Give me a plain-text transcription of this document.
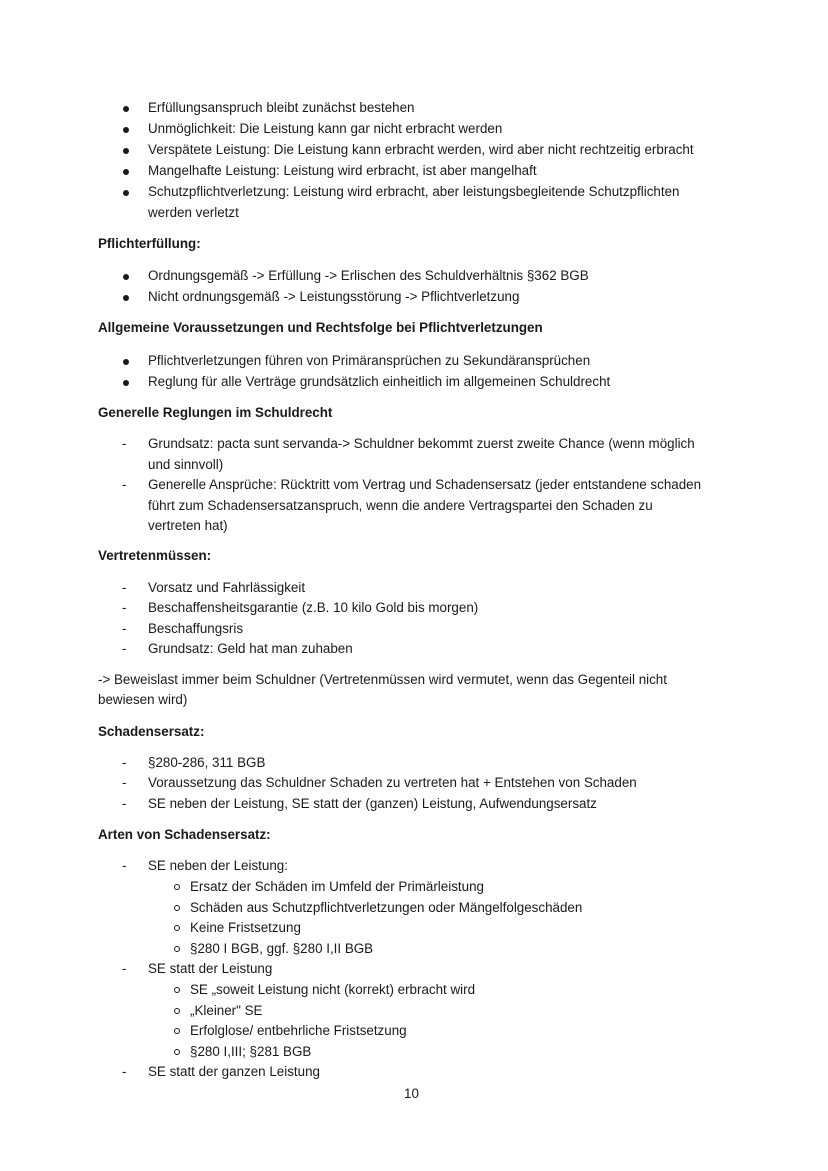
Erfüllungsanspruch bleibt zunächst bestehen
Unmöglichkeit: Die Leistung kann gar nicht erbracht werden
Verspätete Leistung: Die Leistung kann erbracht werden, wird aber nicht rechtzeitig erbracht
Mangelhafte Leistung: Leistung wird erbracht, ist aber mangelhaft
Schutzpflichtverletzung: Leistung wird erbracht, aber leistungsbegleitende Schutzpflichten
werden verletzt
Pflichterfüllung:
Ordnungsgemäß -> Erfüllung -> Erlischen des Schuldverhältnis §362 BGB
Nicht ordnungsgemäß -> Leistungsstörung -> Pflichtverletzung
Allgemeine Voraussetzungen und Rechtsfolge bei Pflichtverletzungen
Pflichtverletzungen führen von Primäransprüchen zu Sekundäransprüchen
Reglung für alle Verträge grundsätzlich einheitlich im allgemeinen Schuldrecht
Generelle Reglungen im Schuldrecht
- Grundsatz: pacta sunt servanda-> Schuldner bekommt zuerst zweite Chance (wenn möglich
und sinnvoll)
- Generelle Ansprüche: Rücktritt vom Vertrag und Schadensersatz (jeder entstandene schaden
führt zum Schadensersatzanspruch, wenn die andere Vertragspartei den Schaden zu
vertreten hat)
Vertretenmüssen:
- Vorsatz und Fahrlässigkeit
- Beschaffensheitsgarantie (z.B. 10 kilo Gold bis morgen)
- Beschaffungsris
- Grundsatz: Geld hat man zuhaben
-> Beweislast immer beim Schuldner (Vertretenmüssen wird vermutet, wenn das Gegenteil nicht
bewiesen wird)
Schadensersatz:
- §280-286, 311 BGB
- Voraussetzung das Schuldner Schaden zu vertreten hat + Entstehen von Schaden
- SE neben der Leistung, SE statt der (ganzen) Leistung, Aufwendungsersatz
Arten von Schadensersatz:
- SE neben der Leistung:
Ersatz der Schäden im Umfeld der Primärleistung
Schäden aus Schutzpflichtverletzungen oder Mängelfolgeschäden
Keine Fristsetzung
§280 I BGB, ggf. §280 I,II BGB
- SE statt der Leistung
SE „soweit Leistung nicht (korrekt) erbracht wird
„Kleiner" SE
Erfolglose/ entbehrliche Fristsetzung
§280 I,III; §281 BGB
- SE statt der ganzen Leistung
10
